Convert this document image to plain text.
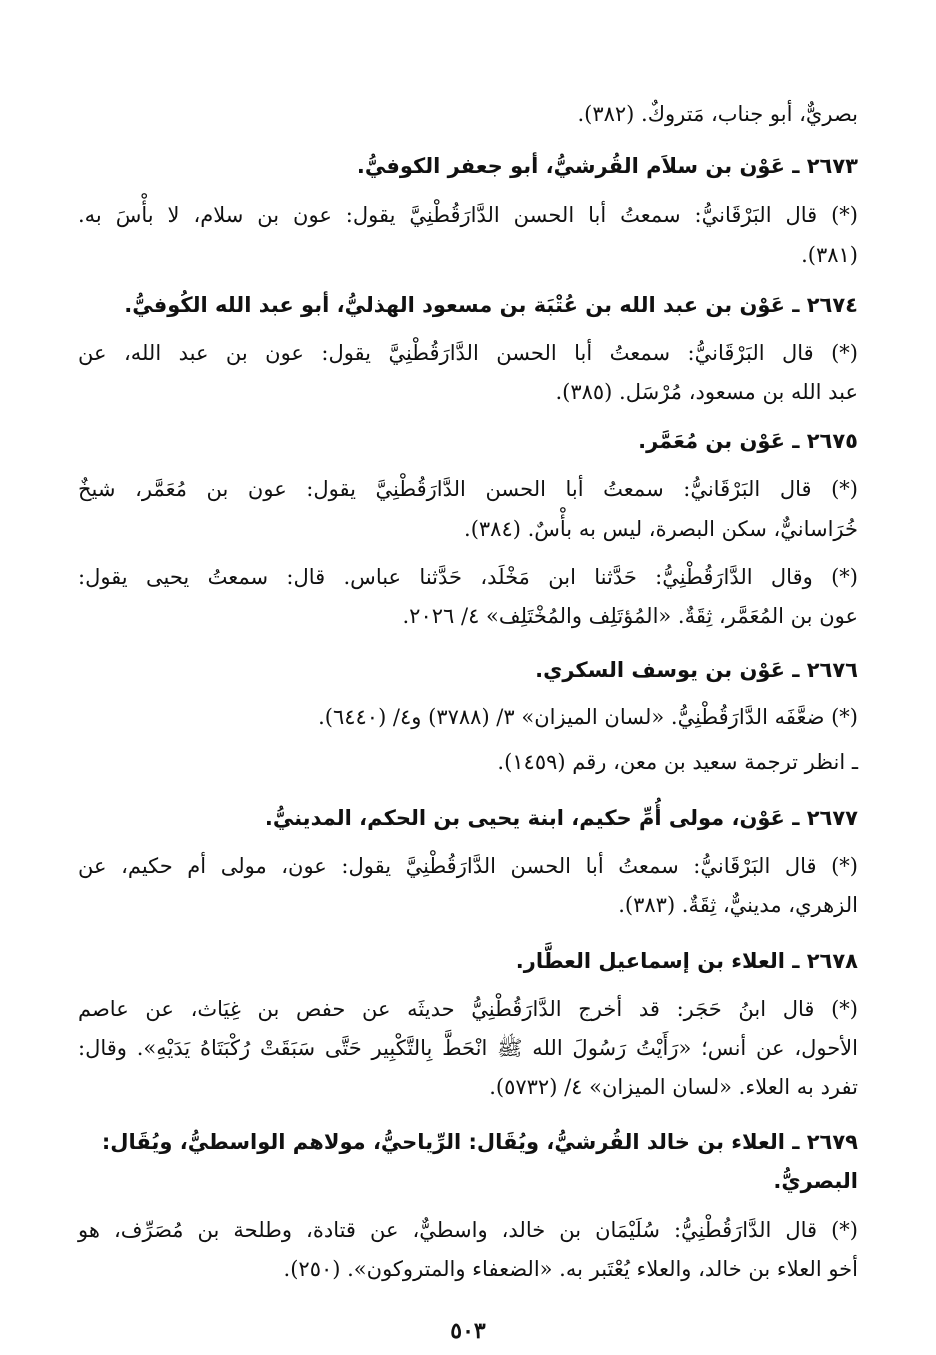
بصريٌّ، أبو جناب، مَتروكٌ. (٣٨٢).
٢٦٧٣ ـ عَوْن بن سلاَم القُرشيُّ، أبو جعفر الكوفيُّ.
(*) قال البَرْقَانيُّ: سمعتُ أبا الحسن الدَّارَقُطْنِيَّ يقول: عون بن سلام، لا بأْسَ به.
(٣٨١).
٢٦٧٤ ـ عَوْن بن عبد الله بن عُتْبَة بن مسعود الهذليُّ، أبو عبد الله الكُوفيُّ.
(*) قال البَرْقَانيُّ: سمعتُ أبا الحسن الدَّارَقُطْنِيَّ يقول: عون بن عبد الله، عن
عبد الله بن مسعود، مُرْسَل. (٣٨٥).
٢٦٧٥ ـ عَوْن بن مُعَمَّر.
(*) قال البَرْقَانيُّ: سمعتُ أبا الحسن الدَّارَقُطْنِيَّ يقول: عون بن مُعَمَّر، شيخٌ
خُرَاسانيٌّ، سكن البصرة، ليس به بأْسٌ. (٣٨٤).
(*) وقال الدَّارَقُطْنِيُّ: حَدَّثنا ابن مَخْلَد، حَدَّثنا عباس. قال: سمعتُ يحيى يقول:
عون بن المُعَمَّر، ثِقَةٌ. «المُؤتَلِف والمُخْتَلِف» ٤/ ٢٠٢٦.
٢٦٧٦ ـ عَوْن بن يوسف السكري.
(*) ضعَّفَه الدَّارَقُطْنِيُّ. «لسان الميزان» ٣/ (٣٧٨٨) و٤/ (٦٤٤٠).
ـ انظر ترجمة سعيد بن معن، رقم (١٤٥٩).
٢٦٧٧ ـ عَوْن، مولى أُمِّ حكيم، ابنة يحيى بن الحكم، المدينيُّ.
(*) قال البَرْقَانيُّ: سمعتُ أبا الحسن الدَّارَقُطْنِيَّ يقول: عون، مولى أم حكيم، عن
الزهري، مدينيٌّ، ثِقَةٌ. (٣٨٣).
٢٦٧٨ ـ العلاء بن إسماعيل العطَّار.
(*) قال ابنُ حَجَر: قد أخرج الدَّارَقُطْنِيُّ حديثَه عن حفص بن غِيَاث، عن عاصم
الأحول، عن أنس؛ «رَأَيْتُ رَسُولَ الله ﷺ انْحَطَّ بِالتَّكْبِير حَتَّى سَبَقَتْ رُكْبَتَاهُ يَدَيْهِ». وقال:
تفرد به العلاء. «لسان الميزان» ٤/ (٥٧٣٢).
٢٦٧٩ ـ العلاء بن خالد القُرشيُّ، ويُقَال: الرِّياحيُّ، مولاهم الواسطيُّ، ويُقَال:
البصريُّ.
(*) قال الدَّارَقُطْنِيُّ: سُلَيْمَان بن خالد، واسطيٌّ، عن قتادة، وطلحة بن مُصَرِّف، هو
أخو العلاء بن خالد، والعلاء يُعْتَبر به. «الضعفاء والمتروكون». (٢٥٠).
٥٠٣
